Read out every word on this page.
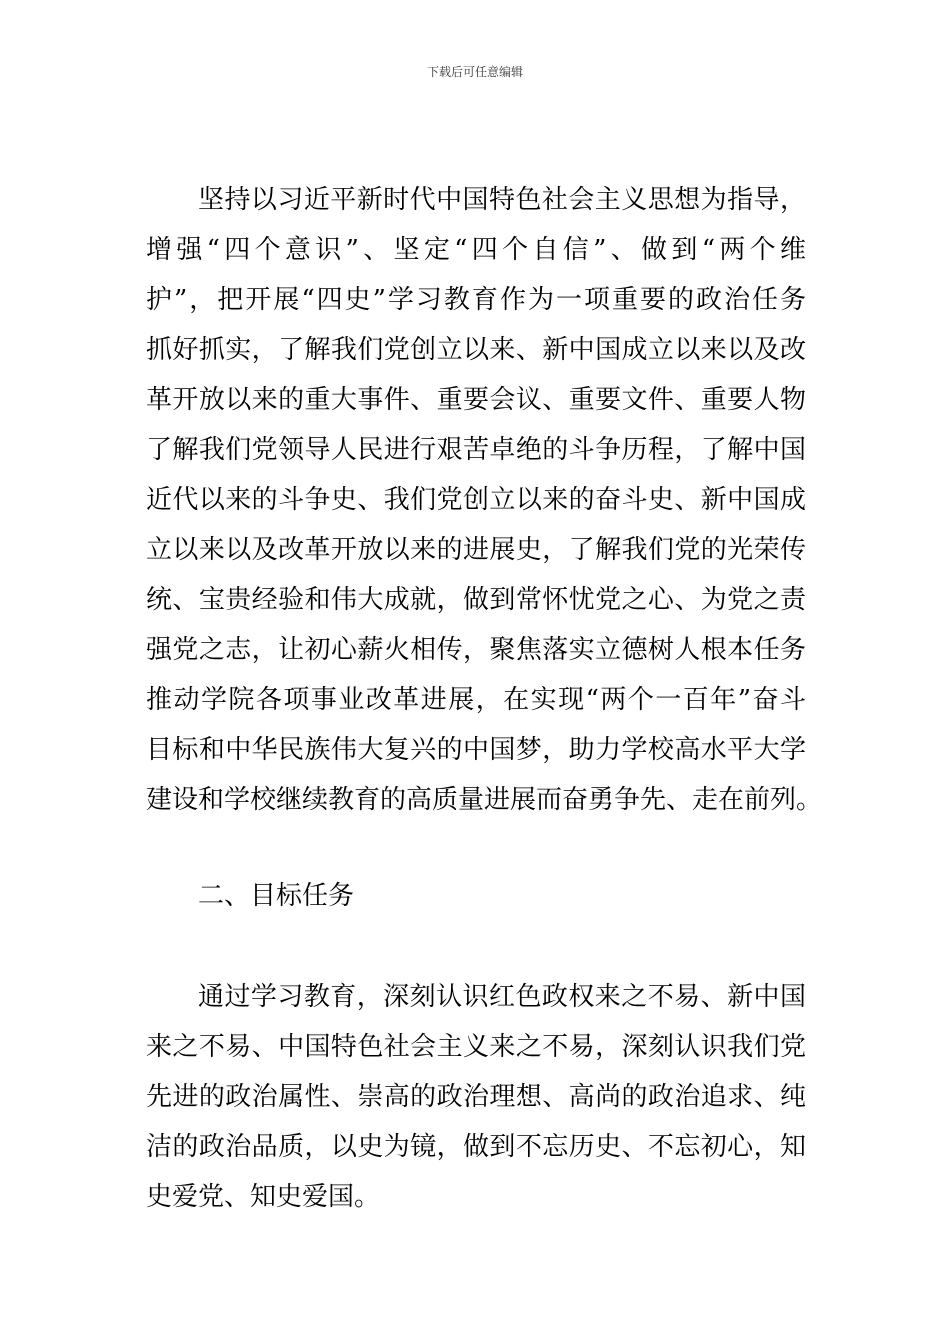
下载后可任意编辑
坚持以习近平新时代中国特色社会主义思想为指导，
增强“四个意识”、坚定“四个自信”、做到“两个维
护”，把开展“四史”学习教育作为一项重要的政治任务
抓好抓实，了解我们党创立以来、新中国成立以来以及改
革开放以来的重大事件、重要会议、重要文件、重要人物
了解我们党领导人民进行艰苦卓绝的斗争历程，了解中国
近代以来的斗争史、我们党创立以来的奋斗史、新中国成
立以来以及改革开放以来的进展史，了解我们党的光荣传
统、宝贵经验和伟大成就，做到常怀忧党之心、为党之责
强党之志，让初心薪火相传，聚焦落实立德树人根本任务
推动学院各项事业改革进展，在实现“两个一百年”奋斗
目标和中华民族伟大复兴的中国梦，助力学校高水平大学
建设和学校继续教育的高质量进展而奋勇争先、走在前列。
二、目标任务
通过学习教育，深刻认识红色政权来之不易、新中国
来之不易、中国特色社会主义来之不易，深刻认识我们党
先进的政治属性、崇高的政治理想、高尚的政治追求、纯
洁的政治品质，以史为镜，做到不忘历史、不忘初心，知
史爱党、知史爱国。
